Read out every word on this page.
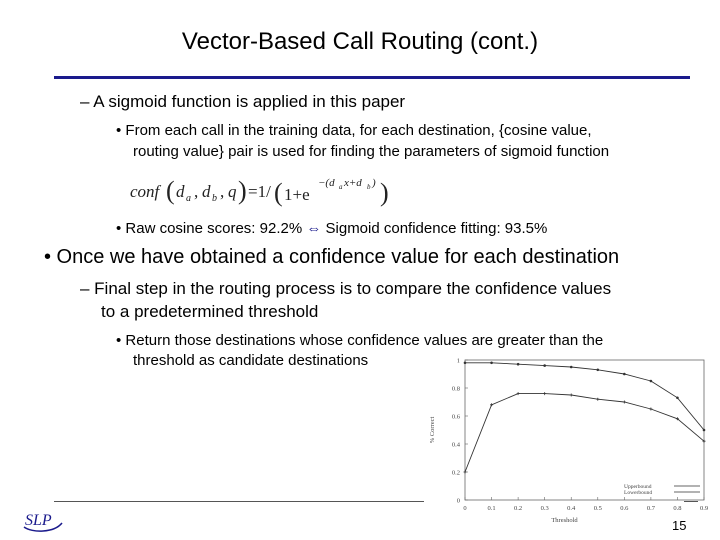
Vector-Based Call Routing (cont.)

– A sigmoid function is applied in this paper

• From each call in the training data, for each destination, {cosine value,

routing value} pair is used for finding the parameters of sigmoid function

conf ( d a , d b , q ) =1/ ( 1+e
−(d a x+d b ) )

• Raw cosine scores: 92.2% ⇔ Sigmoid confidence fitting: 93.5%

• Once we have obtained a confidence value for each destination

– Final step in the routing process is to compare the confidence values

to a predetermined threshold

• Return those destinations whose confidence values are greater than the

threshold as candidate destinations

0
0.2
0.4
0.6
0.8
1
0	0.1	0.2	0.3	0.4	0.5	0.6	0.7	0.8	0.9
% Correct
Threshold
Upperbound
Lowerbound
SLP	15
